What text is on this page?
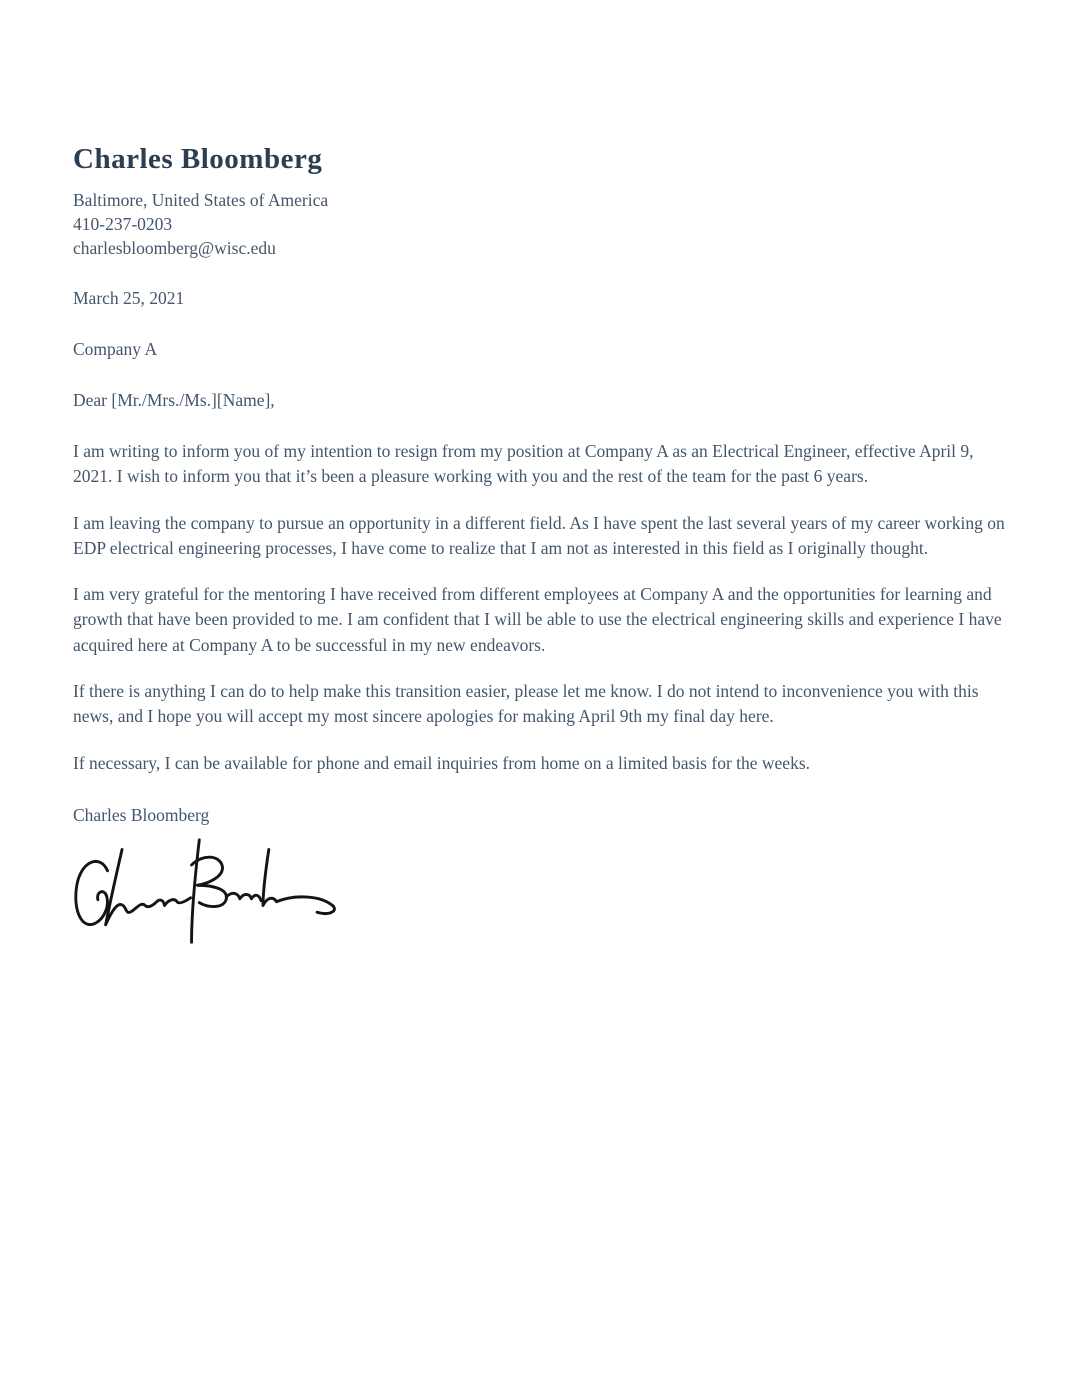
Charles Bloomberg
Baltimore, United States of America
410-237-0203
charlesbloomberg@wisc.edu
March 25, 2021
Company A
Dear [Mr./Mrs./Ms.][Name],

I am writing to inform you of my intention to resign from my position at Company A as an Electrical Engineer, effective April 9, 2021. I wish to inform you that it’s been a pleasure working with you and the rest of the team for the past 6 years.

I am leaving the company to pursue an opportunity in a different field. As I have spent the last several years of my career working on EDP electrical engineering processes, I have come to realize that I am not as interested in this field as I originally thought.

I am very grateful for the mentoring I have received from different employees at Company A and the opportunities for learning and growth that have been provided to me. I am confident that I will be able to use the electrical engineering skills and experience I have acquired here at Company A to be successful in my new endeavors.

If there is anything I can do to help make this transition easier, please let me know. I do not intend to inconvenience you with this news, and I hope you will accept my most sincere apologies for making April 9th my final day here.

If necessary, I can be available for phone and email inquiries from home on a limited basis for the weeks.

Charles Bloomberg
